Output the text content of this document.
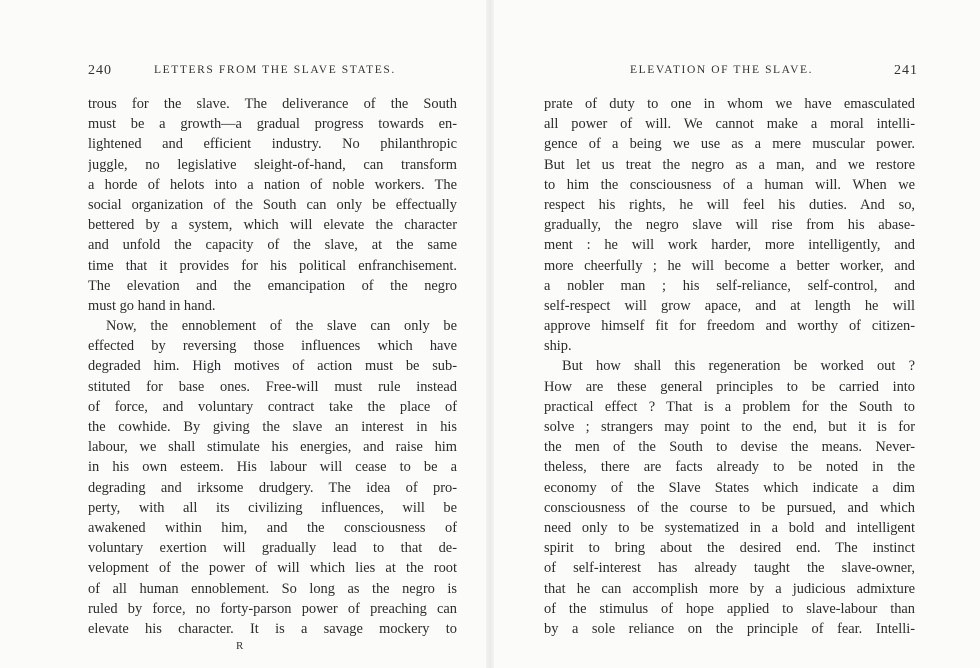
240	LETTERS FROM THE SLAVE STATES.
trous for the slave. The deliverance of the South
must be a growth—a gradual progress towards en-
lightened and efficient industry. No philanthropic
juggle, no legislative sleight-of-hand, can transform
a horde of helots into a nation of noble workers. The
social organization of the South can only be effectually
bettered by a system, which will elevate the character
and unfold the capacity of the slave, at the same
time that it provides for his political enfranchisement.
The elevation and the emancipation of the negro
must go hand in hand.
Now, the ennoblement of the slave can only be
effected by reversing those influences which have
degraded him. High motives of action must be sub-
stituted for base ones. Free-will must rule instead
of force, and voluntary contract take the place of
the cowhide. By giving the slave an interest in his
labour, we shall stimulate his energies, and raise him
in his own esteem. His labour will cease to be a
degrading and irksome drudgery. The idea of pro-
perty, with all its civilizing influences, will be
awakened within him, and the consciousness of
voluntary exertion will gradually lead to that de-
velopment of the power of will which lies at the root
of all human ennoblement. So long as the negro is
ruled by force, no forty-parson power of preaching can
elevate his character. It is a savage mockery to
ELEVATION OF THE SLAVE.	241
prate of duty to one in whom we have emasculated
all power of will. We cannot make a moral intelli-
gence of a being we use as a mere muscular power.
But let us treat the negro as a man, and we restore
to him the consciousness of a human will. When we
respect his rights, he will feel his duties. And so,
gradually, the negro slave will rise from his abase-
ment : he will work harder, more intelligently, and
more cheerfully ; he will become a better worker, and
a nobler man ; his self-reliance, self-control, and
self-respect will grow apace, and at length he will
approve himself fit for freedom and worthy of citizen-
ship.
But how shall this regeneration be worked out ?
How are these general principles to be carried into
practical effect ? That is a problem for the South to
solve ; strangers may point to the end, but it is for
the men of the South to devise the means. Never-
theless, there are facts already to be noted in the
economy of the Slave States which indicate a dim
consciousness of the course to be pursued, and which
need only to be systematized in a bold and intelligent
spirit to bring about the desired end. The instinct
of self-interest has already taught the slave-owner,
that he can accomplish more by a judicious admixture
of the stimulus of hope applied to slave-labour than
by a sole reliance on the principle of fear. Intelli-
R
